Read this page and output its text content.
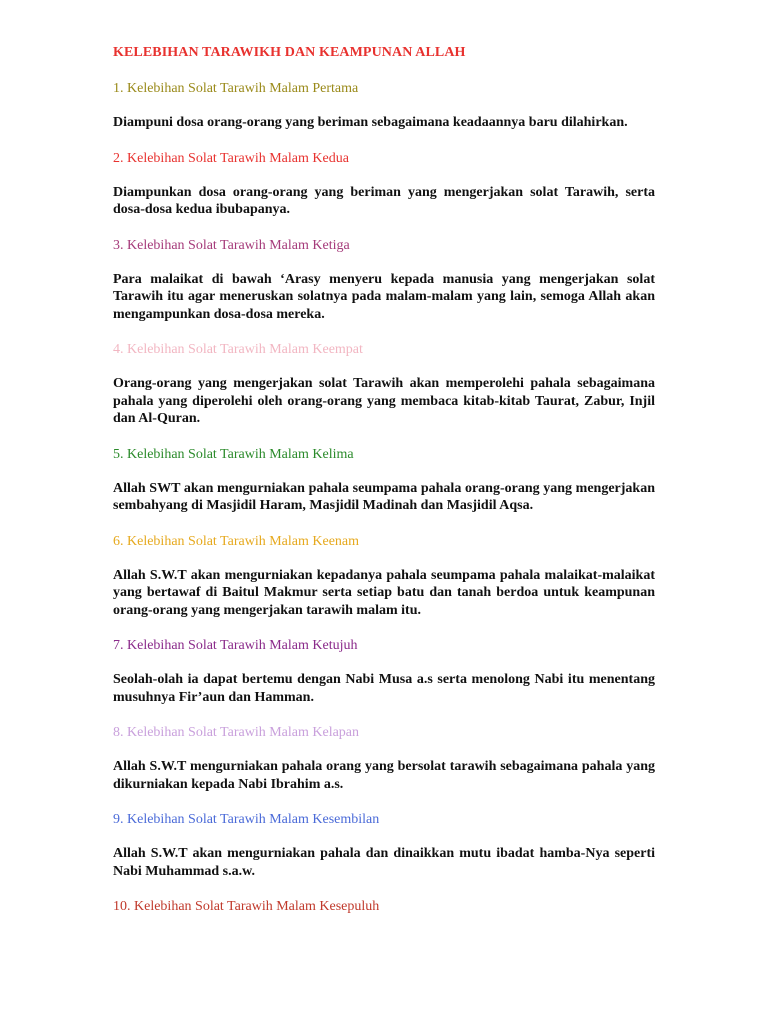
KELEBIHAN TARAWIKH DAN KEAMPUNAN ALLAH

1. Kelebihan Solat Tarawih Malam Pertama

Diampuni dosa orang-orang yang beriman sebagaimana keadaannya baru dilahirkan.

2. Kelebihan Solat Tarawih Malam Kedua

Diampunkan dosa orang-orang yang beriman yang mengerjakan solat Tarawih, serta dosa-dosa kedua ibubapanya.

3. Kelebihan Solat Tarawih Malam Ketiga

Para malaikat di bawah ‘Arasy menyeru kepada manusia yang mengerjakan solat Tarawih itu agar meneruskan solatnya pada malam-malam yang lain, semoga Allah akan mengampunkan dosa-dosa mereka.

4. Kelebihan Solat Tarawih Malam Keempat

Orang-orang yang mengerjakan solat Tarawih akan memperolehi pahala sebagaimana pahala yang diperolehi oleh orang-orang yang membaca kitab-kitab Taurat, Zabur, Injil dan Al-Quran.

5. Kelebihan Solat Tarawih Malam Kelima

Allah SWT akan mengurniakan pahala seumpama pahala orang-orang yang mengerjakan sembahyang di Masjidil Haram, Masjidil Madinah dan Masjidil Aqsa.

6. Kelebihan Solat Tarawih Malam Keenam

Allah S.W.T akan mengurniakan kepadanya pahala seumpama pahala malaikat-malaikat yang bertawaf di Baitul Makmur serta setiap batu dan tanah berdoa untuk keampunan orang-orang yang mengerjakan tarawih malam itu.

7. Kelebihan Solat Tarawih Malam Ketujuh

Seolah-olah ia dapat bertemu dengan Nabi Musa a.s serta menolong Nabi itu menentang musuhnya Fir’aun dan Hamman.

8. Kelebihan Solat Tarawih Malam Kelapan

Allah S.W.T mengurniakan pahala orang yang bersolat tarawih sebagaimana pahala yang dikurniakan kepada Nabi Ibrahim a.s.

9. Kelebihan Solat Tarawih Malam Kesembilan

Allah S.W.T akan mengurniakan pahala dan dinaikkan mutu ibadat hamba-Nya seperti Nabi Muhammad s.a.w.

10. Kelebihan Solat Tarawih Malam Kesepuluh
